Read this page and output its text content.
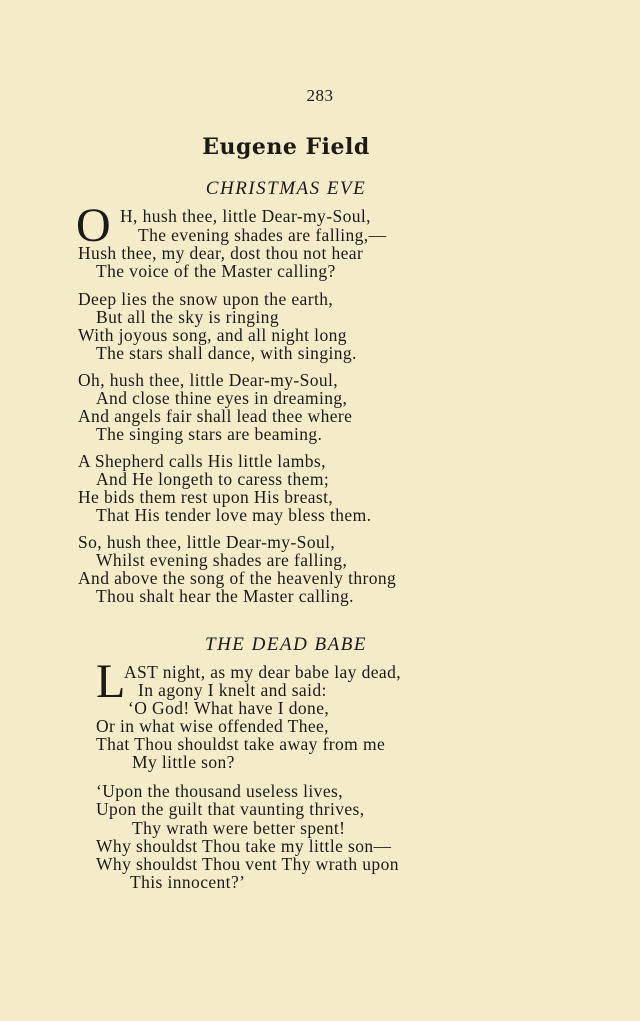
283
Eugene Field
CHRISTMAS EVE
O H, hush thee, little Dear-my-Soul,
The evening shades are falling,—
Hush thee, my dear, dost thou not hear
The voice of the Master calling?
Deep lies the snow upon the earth,
But all the sky is ringing
With joyous song, and all night long
The stars shall dance, with singing.
Oh, hush thee, little Dear-my-Soul,
And close thine eyes in dreaming,
And angels fair shall lead thee where
The singing stars are beaming.
A Shepherd calls His little lambs,
And He longeth to caress them;
He bids them rest upon His breast,
That His tender love may bless them.
So, hush thee, little Dear-my-Soul,
Whilst evening shades are falling,
And above the song of the heavenly throng
Thou shalt hear the Master calling.
THE DEAD BABE
L
AST night, as my dear babe lay dead,
In agony I knelt and said:
‘O God! What have I done,
Or in what wise offended Thee,
That Thou shouldst take away from me
My little son?
‘Upon the thousand useless lives,
Upon the guilt that vaunting thrives,
Thy wrath were better spent!
Why shouldst Thou take my little son—
Why shouldst Thou vent Thy wrath upon
This innocent?’
